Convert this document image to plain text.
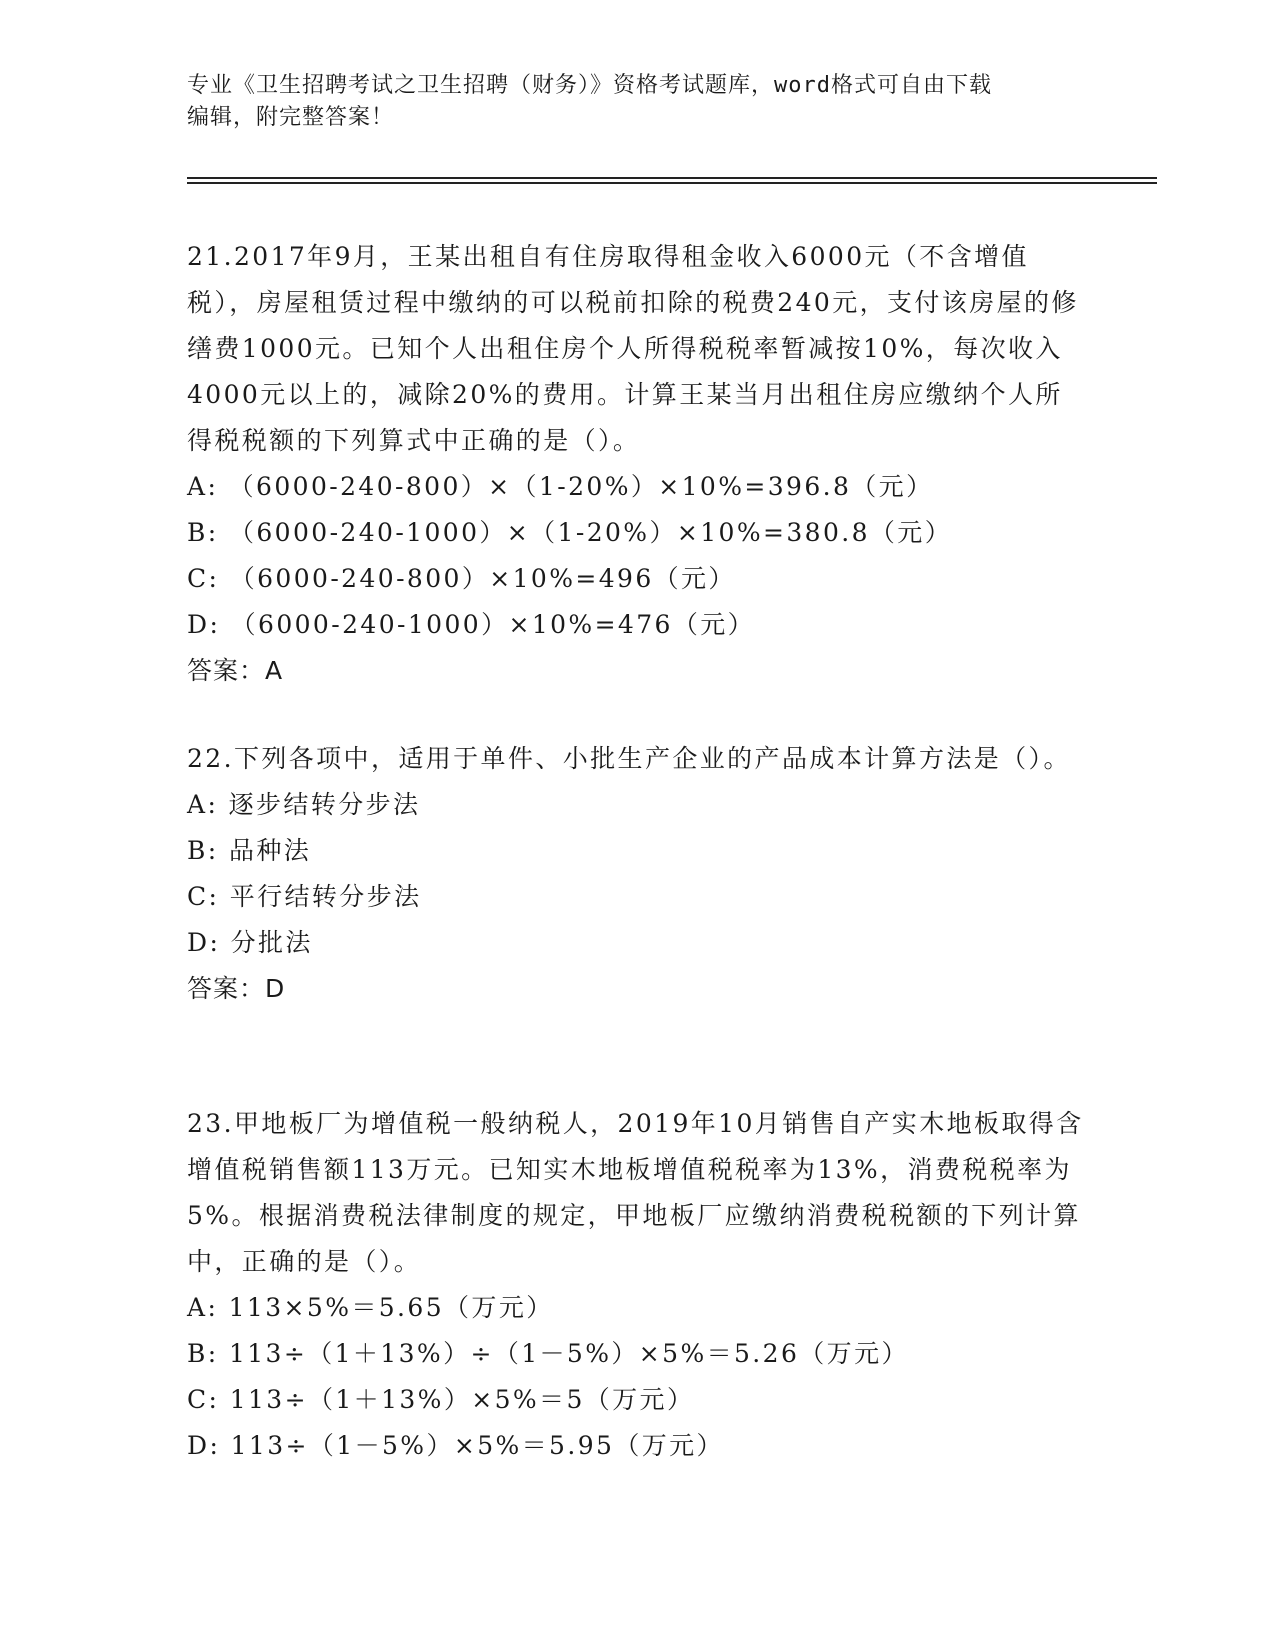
专业《卫生招聘考试之卫生招聘（财务）》资格考试题库，word格式可自由下载
编辑，附完整答案！
21.2017年9月，王某出租自有住房取得租金收入6000元（不含增值税），房屋租赁过程中缴纳的可以税前扣除的税费240元，支付该房屋的修缮费1000元。已知个人出租住房个人所得税税率暂减按10%，每次收入4000元以上的，减除20%的费用。计算王某当月出租住房应缴纳个人所得税税额的下列算式中正确的是（）。
A: （6000-240-800）×（1-20%）×10%=396.8（元）
B: （6000-240-1000）×（1-20%）×10%=380.8（元）
C: （6000-240-800）×10%=496（元）
D: （6000-240-1000）×10%=476（元）
答案：A
22.下列各项中，适用于单件、小批生产企业的产品成本计算方法是（）。
A: 逐步结转分步法
B: 品种法
C: 平行结转分步法
D: 分批法
答案：D
23.甲地板厂为增值税一般纳税人，2019年10月销售自产实木地板取得含增值税销售额113万元。已知实木地板增值税税率为13%，消费税税率为5%。根据消费税法律制度的规定，甲地板厂应缴纳消费税税额的下列计算中，正确的是（）。
A: 113×5%＝5.65（万元）
B: 113÷（1＋13%）÷（1－5%）×5%＝5.26（万元）
C: 113÷（1＋13%）×5%＝5（万元）
D: 113÷（1－5%）×5%＝5.95（万元）
